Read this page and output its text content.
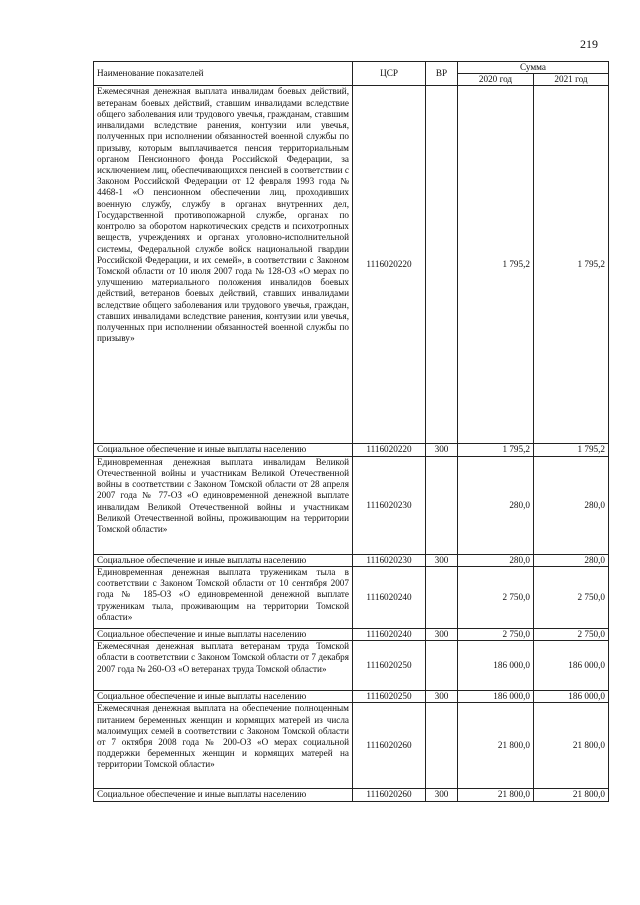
219
Наименование показателей	ЦСР	ВР	Сумма	
			2020 год	2021 год
Ежемесячная денежная выплата инвалидам боевых действий, ветеранам боевых действий, ставшим инвалидами вследствие общего заболевания или трудового увечья, гражданам, ставшим инвалидами вследствие ранения, контузии или увечья, полученных при исполнении обязанностей военной службы по призыву, которым выплачивается пенсия территориальным органом Пенсионного фонда Российской Федерации, за исключением лиц, обеспечивающихся пенсией в соответствии с Законом Российской Федерации от 12 февраля 1993 года № 4468-1 «О пенсионном обеспечении лиц, проходивших военную службу, службу в органах внутренних дел, Государственной противопожарной службе, органах по контролю за оборотом наркотических средств и психотропных веществ, учреждениях и органах уголовно-исполнительной системы, Федеральной службе войск национальной гвардии Российской Федерации, и их семей», в соответствии с Законом Томской области от 10 июля 2007 года № 128-ОЗ «О мерах по улучшению материального положения инвалидов боевых действий, ветеранов боевых действий, ставших инвалидами вследствие общего заболевания или трудового увечья, граждан, ставших инвалидами вследствие ранения, контузии или увечья, полученных при исполнении обязанностей военной службы по призыву»	1116020220		1 795,2	1 795,2
Социальное обеспечение и иные выплаты населению	1116020220	300	1 795,2	1 795,2
Единовременная денежная выплата инвалидам Великой Отечественной войны и участникам Великой Отечественной войны в соответствии с Законом Томской области от 28 апреля 2007 года № 77-ОЗ «О единовременной денежной выплате инвалидам Великой Отечественной войны и участникам Великой Отечественной войны, проживающим на территории Томской области»	1116020230		280,0	280,0
Социальное обеспечение и иные выплаты населению	1116020230	300	280,0	280,0
Единовременная денежная выплата труженикам тыла в соответствии с Законом Томской области от 10 сентября 2007 года № 185-ОЗ «О единовременной денежной выплате труженикам тыла, проживающим на территории Томской области»	1116020240		2 750,0	2 750,0
Социальное обеспечение и иные выплаты населению	1116020240	300	2 750,0	2 750,0
Ежемесячная денежная выплата ветеранам труда Томской области в соответствии с Законом Томской области от 7 декабря 2007 года № 260-ОЗ «О ветеранах труда Томской области»	1116020250		186 000,0	186 000,0
Социальное обеспечение и иные выплаты населению	1116020250	300	186 000,0	186 000,0
Ежемесячная денежная выплата на обеспечение полноценным питанием беременных женщин и кормящих матерей из числа малоимущих семей в соответствии с Законом Томской области от 7 октября 2008 года № 200-ОЗ «О мерах социальной поддержки беременных женщин и кормящих матерей на территории Томской области»	1116020260		21 800,0	21 800,0
Социальное обеспечение и иные выплаты населению	1116020260	300	21 800,0	21 800,0
